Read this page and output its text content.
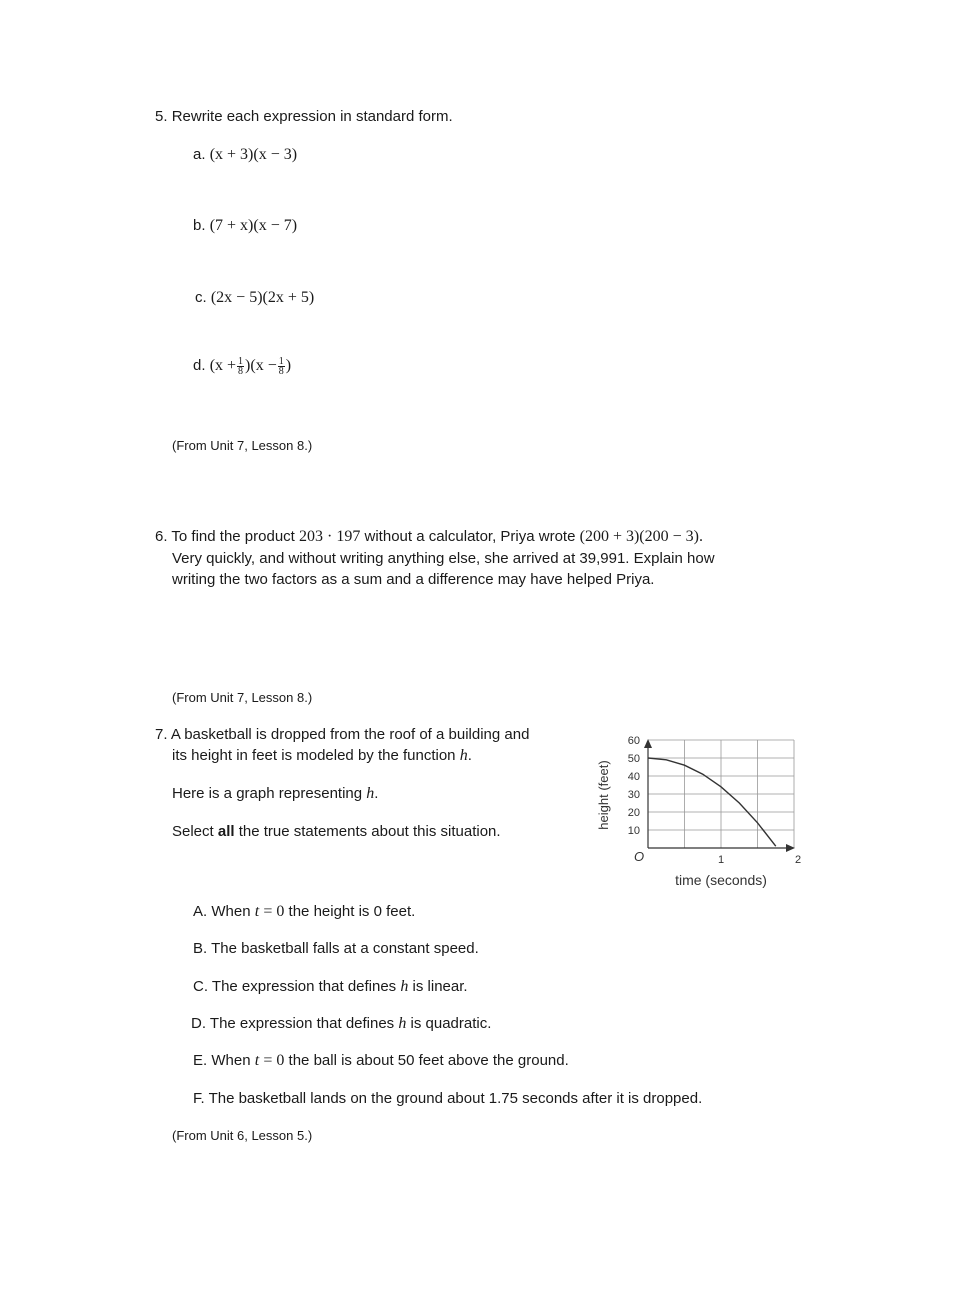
5. Rewrite each expression in standard form.
a. (x + 3)(x − 3)
b. (7 + x)(x − 7)
c. (2x − 5)(2x + 5)
d. $(x + \frac{1}{8} )(x - \frac{1}{8}$ )
(From Unit 7, Lesson 8.)
6. To find the product 203 · 197 without a calculator, Priya wrote (200 + 3)(200 − 3).
Very quickly, and without writing anything else, she arrived at 39,991. Explain how
writing the two factors as a sum and a difference may have helped Priya.
(From Unit 7, Lesson 8.)
7. A basketball is dropped from the roof of a building and
its height in feet is modeled by the function h.
Here is a graph representing h.
Select all the true statements about this situation.	10
20
30
40
50
60
1	2
O
height (feet)
time (seconds)
A. When t = 0 the height is 0 feet.
B. The basketball falls at a constant speed.
C. The expression that defines h is linear.
D. The expression that defines h is quadratic.
E. When t = 0 the ball is about 50 feet above the ground.
F. The basketball lands on the ground about 1.75 seconds after it is dropped.
(From Unit 6, Lesson 5.)
